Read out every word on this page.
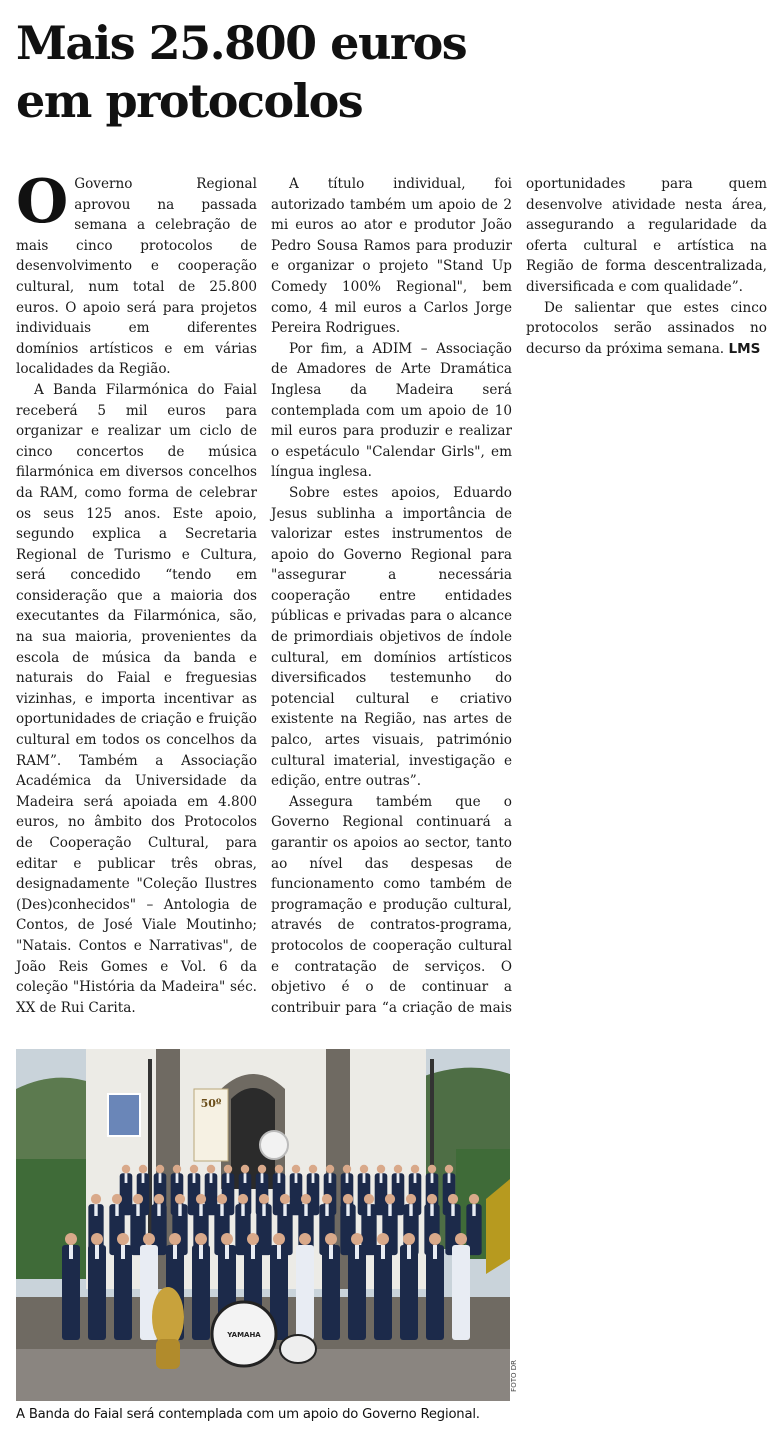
Mais 25.800 euros
em protocolos

O Governo Regional aprovou na passada semana a celebração de mais cinco protocolos de desenvolvimento e cooperação cultural, num total de 25.800 euros. O apoio será para projetos individuais em diferentes domínios artísticos e em várias localidades da Região.

A Banda Filarmónica do Faial receberá 5 mil euros para organizar e realizar um ciclo de cinco concertos de música filarmónica em diversos concelhos da RAM, como forma de celebrar os seus 125 anos. Este apoio, segundo explica a Secretaria Regional de Turismo e Cultura, será concedido “tendo em consideração que a maioria dos executantes da Filarmónica, são, na sua maioria, provenientes da escola de música da banda e naturais do Faial e freguesias vizinhas, e importa incentivar as oportunidades de criação e fruição cultural em todos os concelhos da RAM”. Também a Associação Académica da Universidade da Madeira será apoiada em 4.800 euros, no âmbito dos Protocolos de Cooperação Cultural, para editar e publicar três obras, designadamente "Coleção Ilustres (Des)conhecidos" – Antologia de Contos, de José Viale Moutinho; "Natais. Contos e Narrativas", de João Reis Gomes e Vol. 6 da coleção "História da Madeira" séc. XX de Rui Carita.

A título individual, foi autorizado também um apoio de 2 mi euros ao ator e produtor João Pedro Sousa Ramos para produzir e organizar o projeto "Stand Up Comedy 100% Regional", bem como, 4 mil euros a Carlos Jorge Pereira Rodrigues.

Por fim, a ADIM – Associação de Amadores de Arte Dramática Inglesa da Madeira será contemplada com um apoio de 10 mil euros para produzir e realizar o espetáculo "Calendar Girls", em língua inglesa.

Sobre estes apoios, Eduardo Jesus sublinha a importância de valorizar estes instrumentos de apoio do Governo Regional para "assegurar a necessária cooperação entre entidades públicas e privadas para o alcance de primordiais objetivos de índole cultural, em domínios artísticos diversificados testemunho do potencial cultural e criativo existente na Região, nas artes de palco, artes visuais, património cultural imaterial, investigação e edição, entre outras”.

Assegura também que o Governo Regional continuará a garantir os apoios ao sector, tanto ao nível das despesas de funcionamento como também de programação e produção cultural, através de contratos-programa, protocolos de cooperação cultural e contratação de serviços. O objetivo é o de continuar a contribuir para “a criação de mais oportunidades para quem desenvolve atividade nesta área, assegurando a regularidade da oferta cultural e artística na Região de forma descentralizada, diversificada e com qualidade”.

De salientar que estes cinco protocolos serão assinados no decurso da próxima semana. LMS

50º
YAMAHA
FOTO DR

A Banda do Faial será contemplada com um apoio do Governo Regional.
